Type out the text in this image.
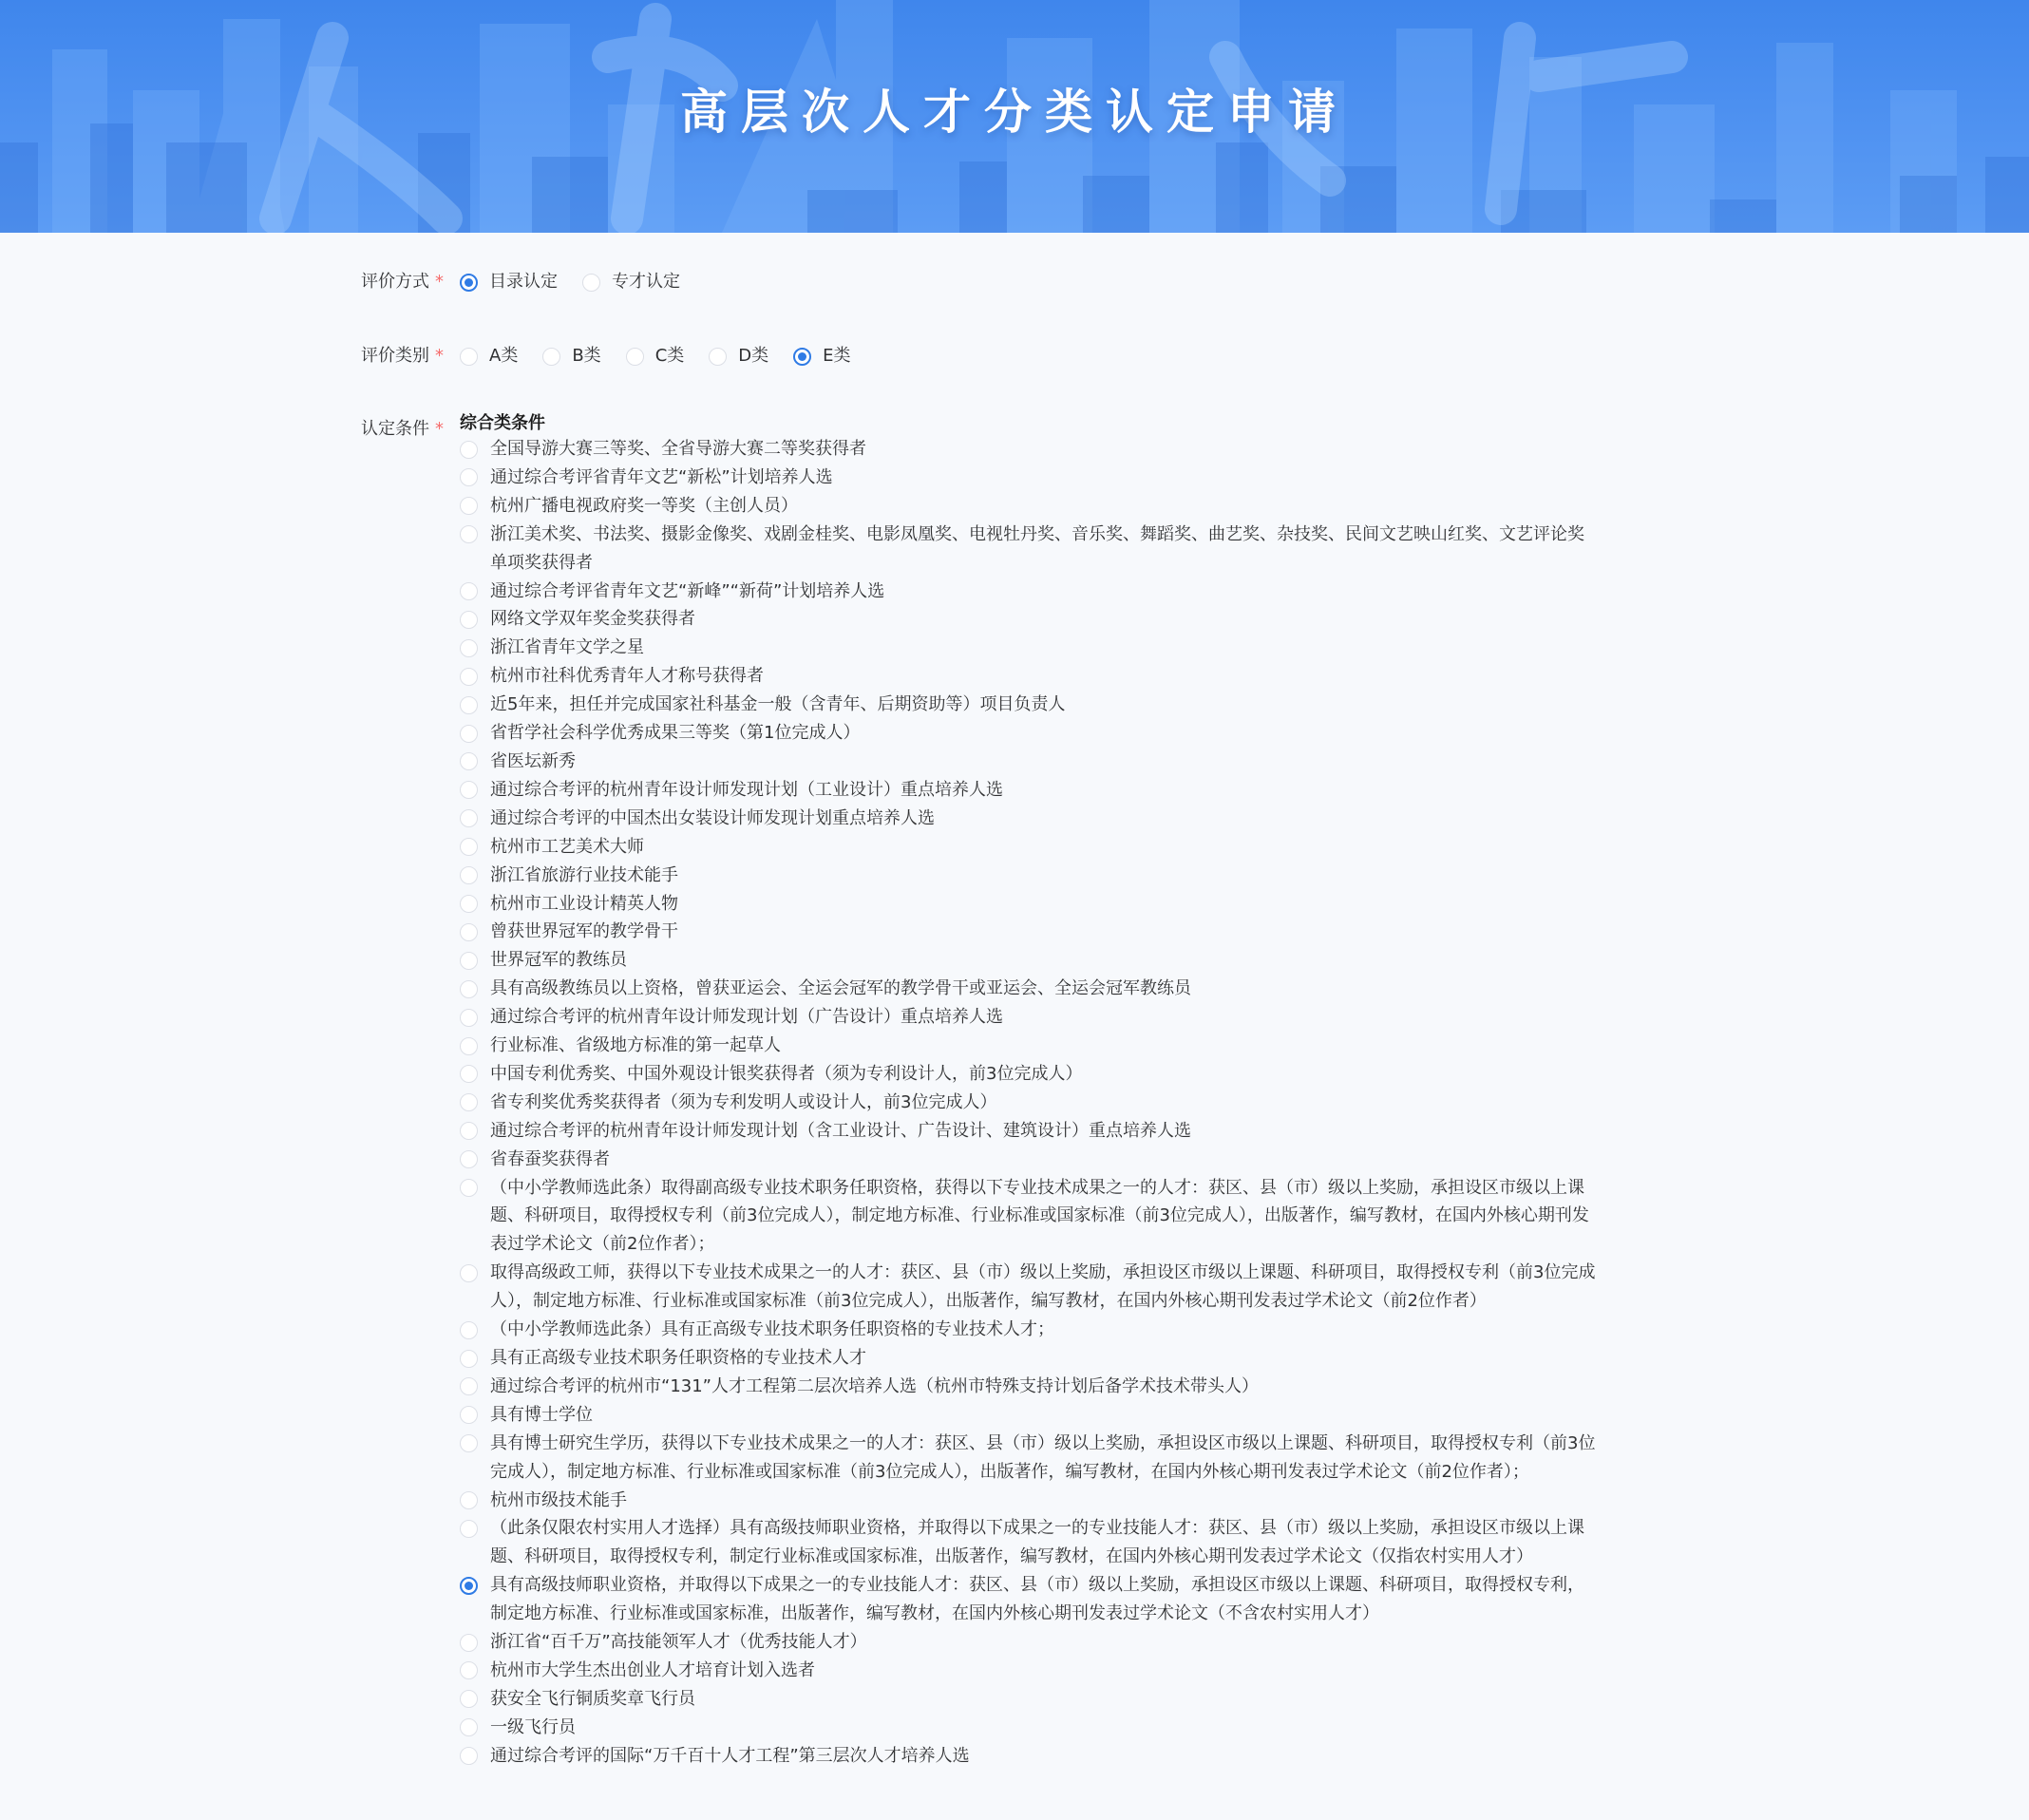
高层次人才分类认定申请
评价方式 *	目录认定	专才认定
评价类别 *	A类	B类	C类	D类	E类
认定条件 * 综合类条件
全国导游大赛三等奖、全省导游大赛二等奖获得者
通过综合考评省青年文艺“新松”计划培养人选
杭州广播电视政府奖一等奖（主创人员）
浙江美术奖、书法奖、摄影金像奖、戏剧金桂奖、电影凤凰奖、电视牡丹奖、音乐奖、舞蹈奖、曲艺奖、杂技奖、民间文艺映山红奖、文艺评论奖单项奖获得者
通过综合考评省青年文艺“新峰”“新荷”计划培养人选
网络文学双年奖金奖获得者
浙江省青年文学之星
杭州市社科优秀青年人才称号获得者
近5年来，担任并完成国家社科基金一般（含青年、后期资助等）项目负责人
省哲学社会科学优秀成果三等奖（第1位完成人）
省医坛新秀
通过综合考评的杭州青年设计师发现计划（工业设计）重点培养人选
通过综合考评的中国杰出女装设计师发现计划重点培养人选
杭州市工艺美术大师
浙江省旅游行业技术能手
杭州市工业设计精英人物
曾获世界冠军的教学骨干
世界冠军的教练员
具有高级教练员以上资格，曾获亚运会、全运会冠军的教学骨干或亚运会、全运会冠军教练员
通过综合考评的杭州青年设计师发现计划（广告设计）重点培养人选
行业标准、省级地方标准的第一起草人
中国专利优秀奖、中国外观设计银奖获得者（须为专利设计人，前3位完成人）
省专利奖优秀奖获得者（须为专利发明人或设计人，前3位完成人）
通过综合考评的杭州青年设计师发现计划（含工业设计、广告设计、建筑设计）重点培养人选
省春蚕奖获得者
（中小学教师选此条）取得副高级专业技术职务任职资格，获得以下专业技术成果之一的人才：获区、县（市）级以上奖励，承担设区市级以上课题、科研项目，取得授权专利（前3位完成人），制定地方标准、行业标准或国家标准（前3位完成人），出版著作，编写教材，在国内外核心期刊发表过学术论文（前2位作者）；
取得高级政工师，获得以下专业技术成果之一的人才：获区、县（市）级以上奖励，承担设区市级以上课题、科研项目，取得授权专利（前3位完成人），制定地方标准、行业标准或国家标准（前3位完成人），出版著作，编写教材，在国内外核心期刊发表过学术论文（前2位作者）
（中小学教师选此条）具有正高级专业技术职务任职资格的专业技术人才；
具有正高级专业技术职务任职资格的专业技术人才
通过综合考评的杭州市“131”人才工程第二层次培养人选（杭州市特殊支持计划后备学术技术带头人）
具有博士学位
具有博士研究生学历，获得以下专业技术成果之一的人才：获区、县（市）级以上奖励，承担设区市级以上课题、科研项目，取得授权专利（前3位完成人），制定地方标准、行业标准或国家标准（前3位完成人），出版著作，编写教材，在国内外核心期刊发表过学术论文（前2位作者）；
杭州市级技术能手
（此条仅限农村实用人才选择）具有高级技师职业资格，并取得以下成果之一的专业技能人才：获区、县（市）级以上奖励，承担设区市级以上课题、科研项目，取得授权专利，制定行业标准或国家标准，出版著作，编写教材，在国内外核心期刊发表过学术论文（仅指农村实用人才）
具有高级技师职业资格，并取得以下成果之一的专业技能人才：获区、县（市）级以上奖励，承担设区市级以上课题、科研项目，取得授权专利，制定地方标准、行业标准或国家标准，出版著作，编写教材，在国内外核心期刊发表过学术论文（不含农村实用人才）
浙江省“百千万”高技能领军人才（优秀技能人才）
杭州市大学生杰出创业人才培育计划入选者
获安全飞行铜质奖章飞行员
一级飞行员
通过综合考评的国际“万千百十人才工程”第三层次人才培养人选
